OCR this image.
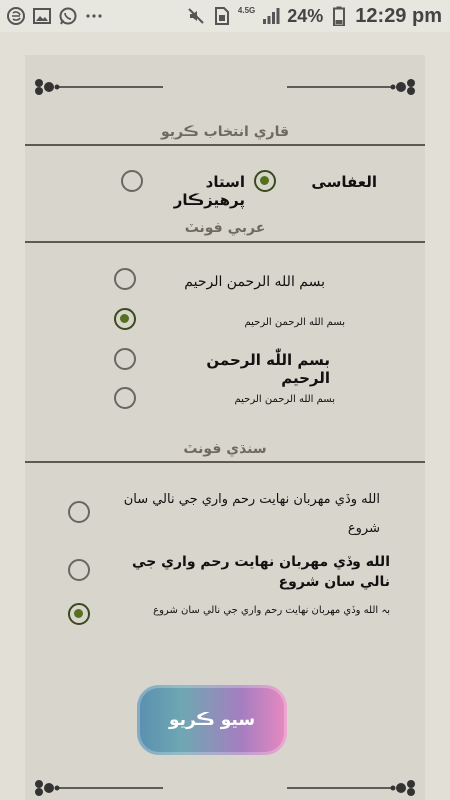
4.5G 24% 12:29 pm
قاري انتخاب ڪريو
العفاسی
استاد پرهيزڪار
عربي فونٽ
بسم الله الرحمن الرحيم
بسم الله الرحمن الرحيم
بسم اللّٰه الرحمن الرحيم
بسم الله الرحمن الرحيم
سنڌي فونٽ
الله وڏي مهربان نهايت رحم واري جي نالي سان شروع
الله وڏي مهربان نهايت رحم واري جي نالي سان شروع
بہ الله وڏي مهربان نهايت رحم واري جي نالي سان شروع
سيو ڪريو
